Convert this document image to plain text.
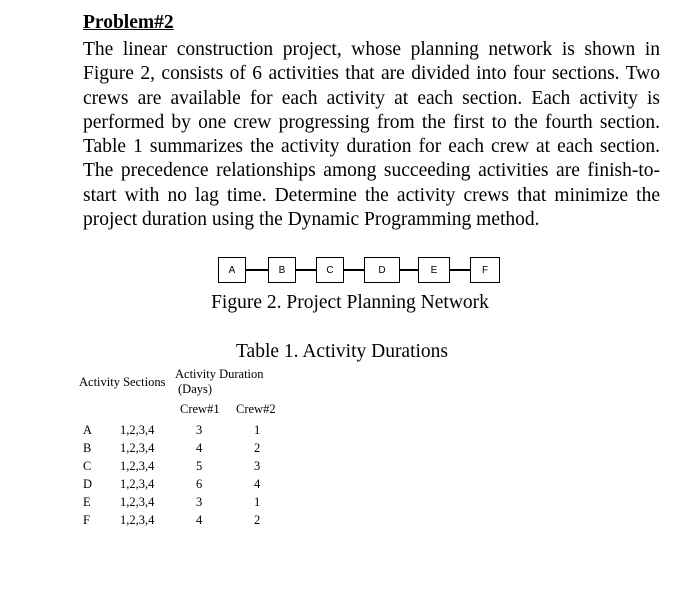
Problem#2

The linear construction project, whose planning network is shown in Figure 2, consists of 6 activities that are divided into four sections. Two crews are available for each activity at each section. Each activity is performed by one crew progressing from the first to the fourth section. Table 1 summarizes the activity duration for each crew at each section. The precedence relationships among succeeding activities are finish-to-start with no lag time. Determine the activity crews that minimize the project duration using the Dynamic Programming method.

A	B	C	D	E	F
Figure 2. Project Planning Network
Table 1. Activity Durations
Activity Sections
Activity Duration
(Days)
Crew#1 Crew#2
A 1,2,3,4	3	1
B 1,2,3,4	4	2
C 1,2,3,4	5	3
D 1,2,3,4	6	4
E 1,2,3,4	3	1
F 1,2,3,4	4	2
